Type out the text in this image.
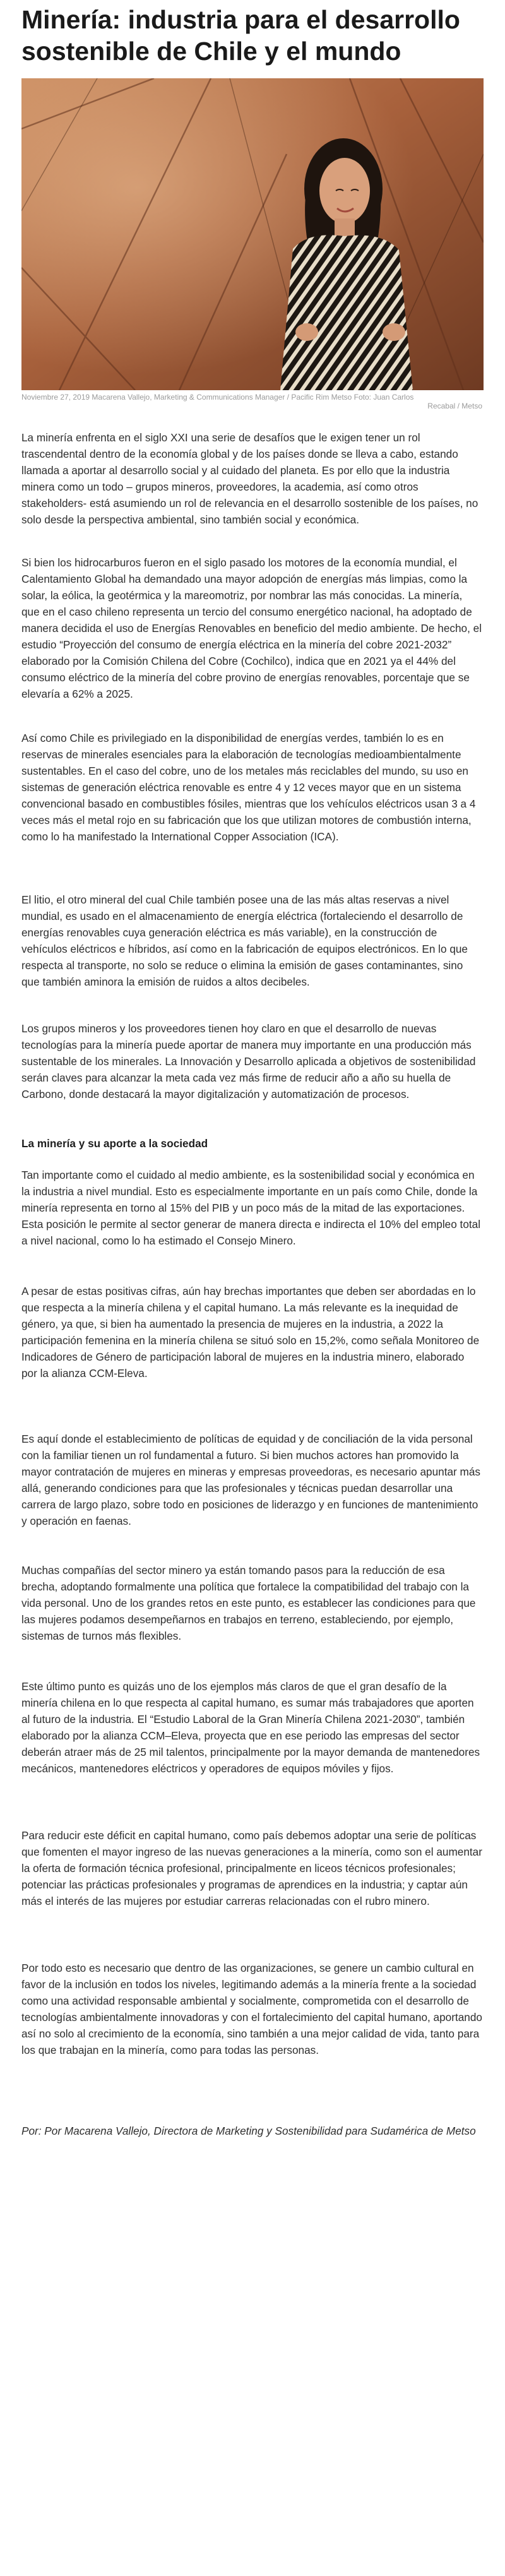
Minería: industria para el desarrollo sostenible de Chile y el mundo
Noviembre 27, 2019 Macarena Vallejo, Marketing & Communications Manager / Pacific Rim Metso Foto: Juan Carlos
Recabal / Metso

La minería enfrenta en el siglo XXI una serie de desafíos que le exigen tener un rol trascendental dentro de la economía global y de los países donde se lleva a cabo, estando llamada a aportar al desarrollo social y al cuidado del planeta. Es por ello que la industria minera como un todo – grupos mineros, proveedores, la academia, así como otros stakeholders- está asumiendo un rol de relevancia en el desarrollo sostenible de los países, no solo desde la perspectiva ambiental, sino también social y económica.

Si bien los hidrocarburos fueron en el siglo pasado los motores de la economía mundial, el Calentamiento Global ha demandado una mayor adopción de energías más limpias, como la solar, la eólica, la geotérmica y la mareomotriz, por nombrar las más conocidas. La minería, que en el caso chileno representa un tercio del consumo energético nacional, ha adoptado de manera decidida el uso de Energías Renovables en beneficio del medio ambiente. De hecho, el estudio “Proyección del consumo de energía eléctrica en la minería del cobre 2021-2032” elaborado por la Comisión Chilena del Cobre (Cochilco), indica que en 2021 ya el 44% del consumo eléctrico de la minería del cobre provino de energías renovables, porcentaje que se elevaría a 62% a 2025.

Así como Chile es privilegiado en la disponibilidad de energías verdes, también lo es en reservas de minerales esenciales para la elaboración de tecnologías medioambientalmente sustentables. En el caso del cobre, uno de los metales más reciclables del mundo, su uso en sistemas de generación eléctrica renovable es entre 4 y 12 veces mayor que en un sistema convencional basado en combustibles fósiles, mientras que los vehículos eléctricos usan 3 a 4 veces más el metal rojo en su fabricación que los que utilizan motores de combustión interna, como lo ha manifestado la International Copper Association (ICA).

El litio, el otro mineral del cual Chile también posee una de las más altas reservas a nivel mundial, es usado en el almacenamiento de energía eléctrica (fortaleciendo el desarrollo de energías renovables cuya generación eléctrica es más variable), en la construcción de vehículos eléctricos e híbridos, así como en la fabricación de equipos electrónicos. En lo que respecta al transporte, no solo se reduce o elimina la emisión de gases contaminantes, sino que también aminora la emisión de ruidos a altos decibeles.

Los grupos mineros y los proveedores tienen hoy claro en que el desarrollo de nuevas tecnologías para la minería puede aportar de manera muy importante en una producción más sustentable de los minerales. La Innovación y Desarrollo aplicada a objetivos de sostenibilidad serán claves para alcanzar la meta cada vez más firme de reducir año a año su huella de Carbono, donde destacará la mayor digitalización y automatización de procesos.

La minería y su aporte a la sociedad

Tan importante como el cuidado al medio ambiente, es la sostenibilidad social y económica en la industria a nivel mundial. Esto es especialmente importante en un país como Chile, donde la minería representa en torno al 15% del PIB y un poco más de la mitad de las exportaciones. Esta posición le permite al sector generar de manera directa e indirecta el 10% del empleo total a nivel nacional, como lo ha estimado el Consejo Minero.

A pesar de estas positivas cifras, aún hay brechas importantes que deben ser abordadas en lo que respecta a la minería chilena y el capital humano. La más relevante es la inequidad de género, ya que, si bien ha aumentado la presencia de mujeres en la industria, a 2022 la participación femenina en la minería chilena se situó solo en 15,2%, como señala Monitoreo de Indicadores de Género de participación laboral de mujeres en la industria minero, elaborado por la alianza CCM-Eleva.

Es aquí donde el establecimiento de políticas de equidad y de conciliación de la vida personal con la familiar tienen un rol fundamental a futuro. Si bien muchos actores han promovido la mayor contratación de mujeres en mineras y empresas proveedoras, es necesario apuntar más allá, generando condiciones para que las profesionales y técnicas puedan desarrollar una carrera de largo plazo, sobre todo en posiciones de liderazgo y en funciones de mantenimiento y operación en faenas.

Muchas compañías del sector minero ya están tomando pasos para la reducción de esa brecha, adoptando formalmente una política que fortalece la compatibilidad del trabajo con la vida personal. Uno de los grandes retos en este punto, es establecer las condiciones para que las mujeres podamos desempeñarnos en trabajos en terreno, estableciendo, por ejemplo, sistemas de turnos más flexibles.

Este último punto es quizás uno de los ejemplos más claros de que el gran desafío de la minería chilena en lo que respecta al capital humano, es sumar más trabajadores que aporten al futuro de la industria. El “Estudio Laboral de la Gran Minería Chilena 2021-2030”, también elaborado por la alianza CCM–Eleva, proyecta que en ese periodo las empresas del sector deberán atraer más de 25 mil talentos, principalmente por la mayor demanda de mantenedores mecánicos, mantenedores eléctricos y operadores de equipos móviles y fijos.

Para reducir este déficit en capital humano, como país debemos adoptar una serie de políticas que fomenten el mayor ingreso de las nuevas generaciones a la minería, como son el aumentar la oferta de formación técnica profesional, principalmente en liceos técnicos profesionales; potenciar las prácticas profesionales y programas de aprendices en la industria; y captar aún más el interés de las mujeres por estudiar carreras relacionadas con el rubro minero.

Por todo esto es necesario que dentro de las organizaciones, se genere un cambio cultural en favor de la inclusión en todos los niveles, legitimando además a la minería frente a la sociedad como una actividad responsable ambiental y socialmente, comprometida con el desarrollo de tecnologías ambientalmente innovadoras y con el fortalecimiento del capital humano, aportando así no solo al crecimiento de la economía, sino también a una mejor calidad de vida, tanto para los que trabajan en la minería, como para todas las personas.

Por: Por Macarena Vallejo, Directora de Marketing y Sostenibilidad para Sudamérica de Metso
